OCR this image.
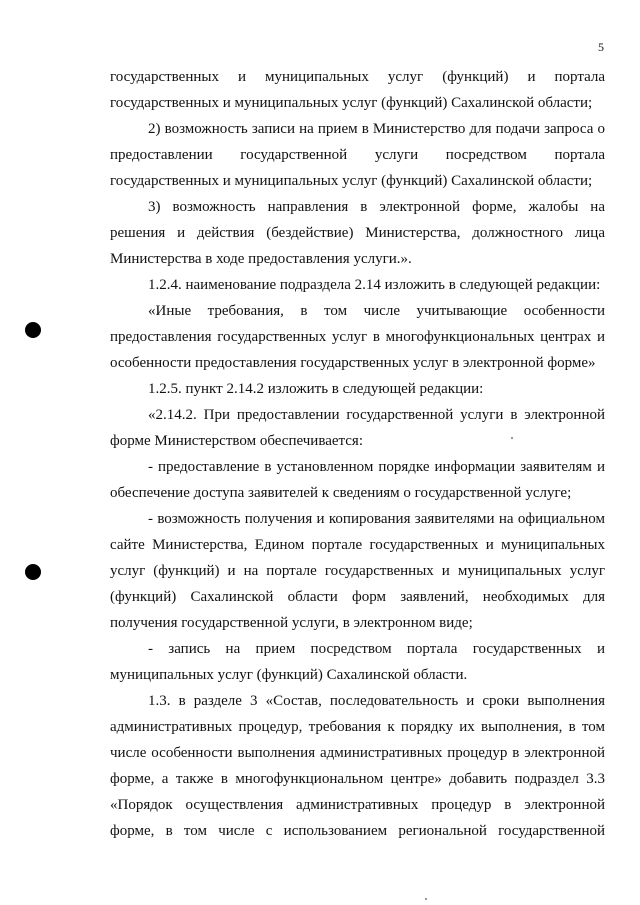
5
государственных и муниципальных услуг (функций) и портала
государственных и муниципальных услуг (функций) Сахалинской области;
2) возможность записи на прием в Министерство для подачи запроса о
предоставлении государственной услуги посредством портала
государственных и муниципальных услуг (функций) Сахалинской области;
3) возможность направления в электронной форме, жалобы на
решения и действия (бездействие) Министерства, должностного лица
Министерства в ходе предоставления услуги.».
1.2.4. наименование подраздела 2.14 изложить в следующей редакции:
«Иные требования, в том числе учитывающие особенности
предоставления государственных услуг в многофункциональных центрах и
особенности предоставления государственных услуг в электронной форме»
1.2.5. пункт 2.14.2 изложить в следующей редакции:
«2.14.2. При предоставлении государственной услуги в электронной
форме Министерством обеспечивается:
- предоставление в установленном порядке информации заявителям и
обеспечение доступа заявителей к сведениям о государственной услуге;
- возможность получения и копирования заявителями на официальном
сайте Министерства, Едином портале государственных и муниципальных
услуг (функций) и на портале государственных и муниципальных услуг
(функций) Сахалинской области форм заявлений, необходимых для
получения государственной услуги, в электронном виде;
- запись на прием посредством портала государственных и
муниципальных услуг (функций) Сахалинской области.
1.3. в разделе 3 «Состав, последовательность и сроки выполнения
административных процедур, требования к порядку их выполнения, в том
числе особенности выполнения административных процедур в электронной
форме, а также в многофункциональном центре» добавить подраздел 3.3
«Порядок осуществления административных процедур в электронной
форме, в том числе с использованием региональной государственной
